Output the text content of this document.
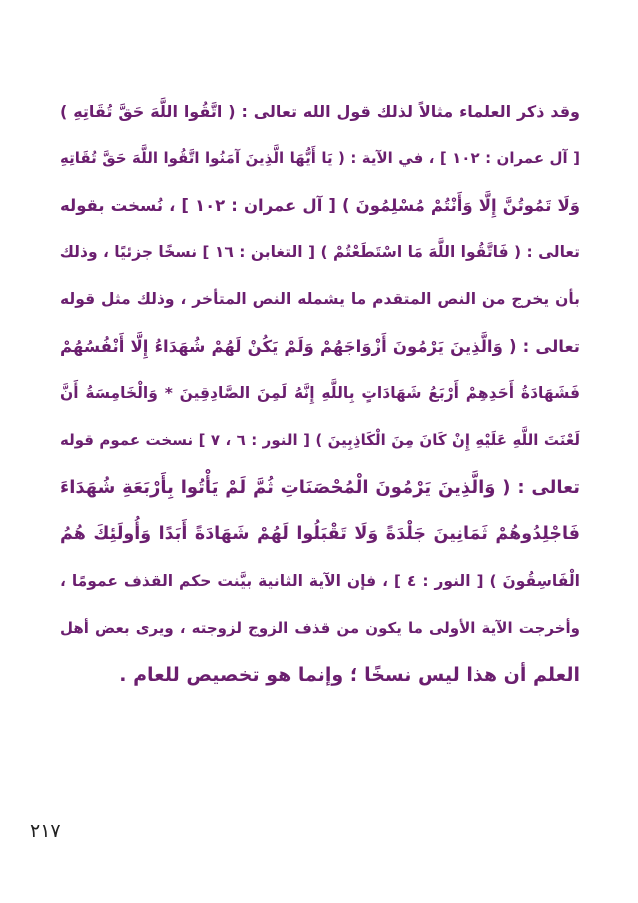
وقد ذكر العلماء مثالاً لذلك قول الله تعالى : ( اتَّقُوا اللَّهَ حَقَّ تُقَاتِهِ )
[ آل عمران : ١٠٢ ] ، في الآية : ( يَا أَيُّهَا الَّذِينَ آمَنُوا اتَّقُوا اللَّهَ حَقَّ تُقَاتِهِ
وَلَا تَمُوتُنَّ إِلَّا وَأَنْتُمْ مُسْلِمُونَ ) [ آل عمران : ١٠٢ ] ، نُسخت بقوله
تعالى : ( فَاتَّقُوا اللَّهَ مَا اسْتَطَعْتُمْ ) [ التغابن : ١٦ ] نسخًا جزئيًا ، وذلك
بأن يخرج من النص المتقدم ما يشمله النص المتأخر ، وذلك مثل قوله
تعالى : ( وَالَّذِينَ يَرْمُونَ أَزْوَاجَهُمْ وَلَمْ يَكُنْ لَهُمْ شُهَدَاءُ إِلَّا أَنْفُسُهُمْ
فَشَهَادَةُ أَحَدِهِمْ أَرْبَعُ شَهَادَاتٍ بِاللَّهِ إِنَّهُ لَمِنَ الصَّادِقِينَ * وَالْخَامِسَةُ أَنَّ
لَعْنَتَ اللَّهِ عَلَيْهِ إِنْ كَانَ مِنَ الْكَاذِبِينَ ) [ النور : ٦ ، ٧ ] نسخت عموم قوله
تعالى : ( وَالَّذِينَ يَرْمُونَ الْمُحْصَنَاتِ ثُمَّ لَمْ يَأْتُوا بِأَرْبَعَةِ شُهَدَاءَ
فَاجْلِدُوهُمْ ثَمَانِينَ جَلْدَةً وَلَا تَقْبَلُوا لَهُمْ شَهَادَةً أَبَدًا وَأُولَئِكَ هُمُ
الْفَاسِقُونَ ) [ النور : ٤ ] ، فإن الآية الثانية بيَّنت حكم القذف عمومًا ،
وأخرجت الآية الأولى ما يكون من قذف الزوج لزوجته ، ويرى بعض أهل
العلم أن هذا ليس نسخًا ؛ وإنما هو تخصيص للعام .
٢١٧
